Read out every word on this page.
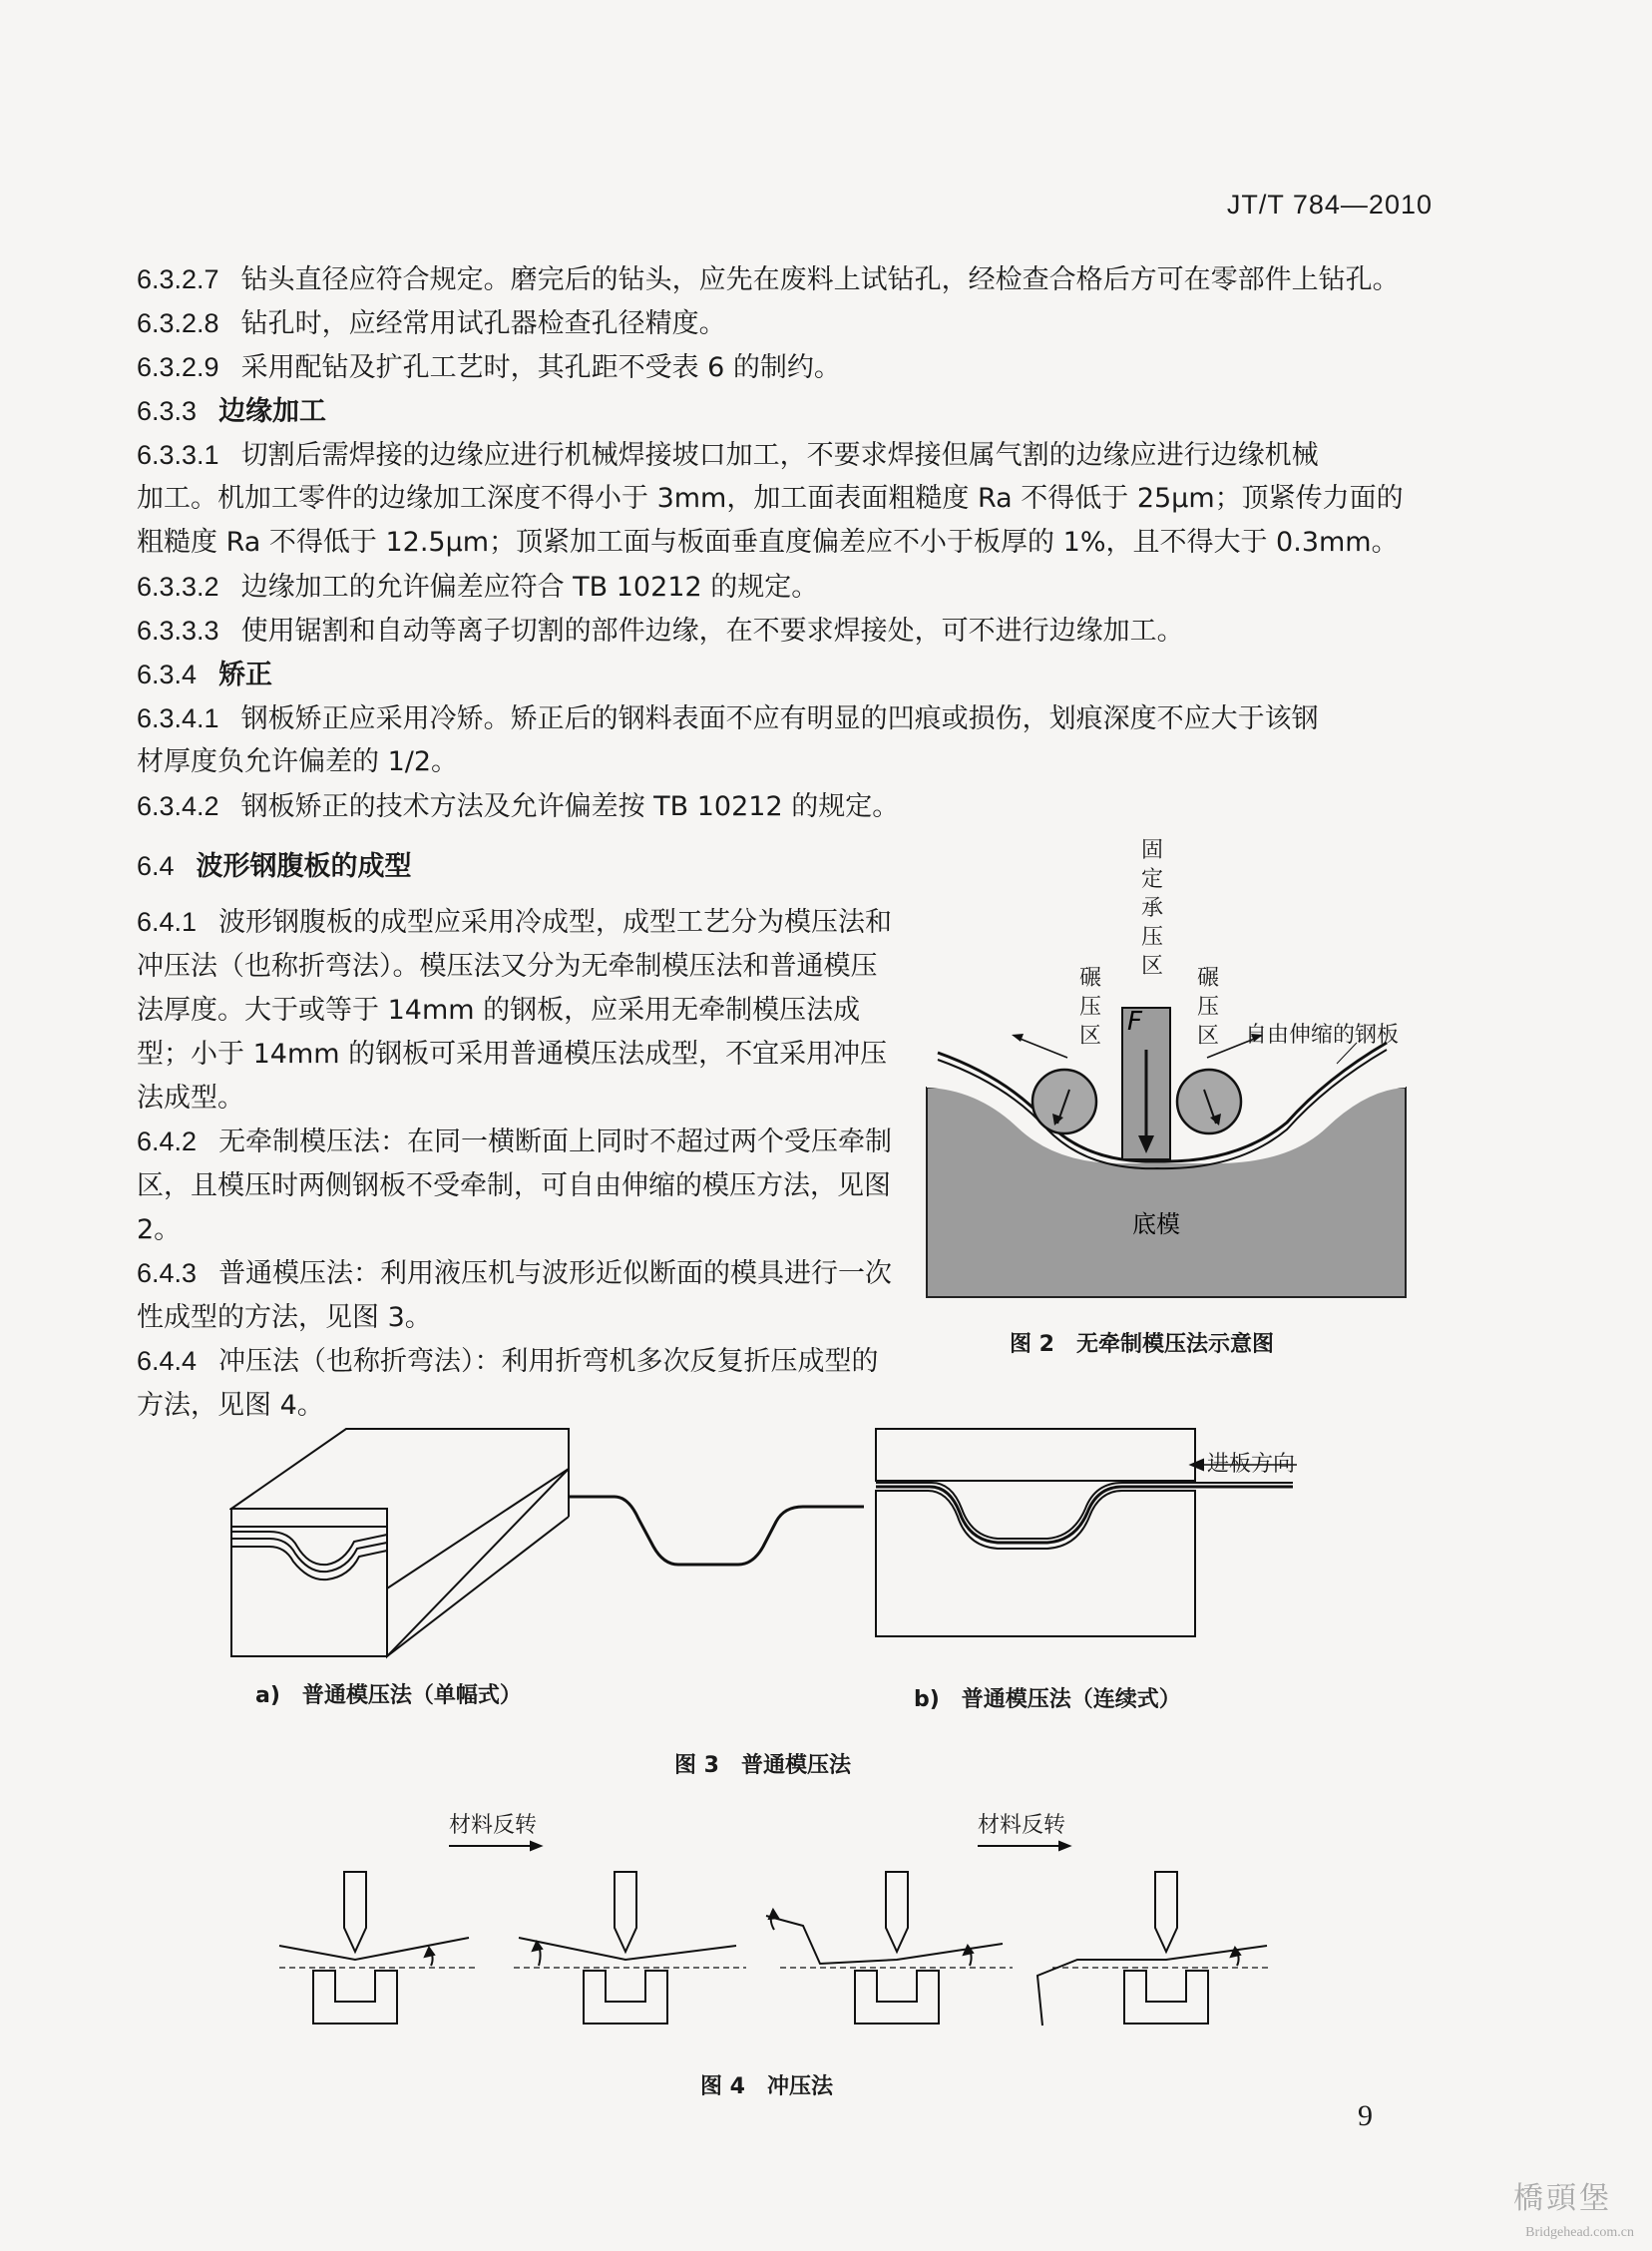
JT/T 784—2010
6.3.2.7 钻头直径应符合规定。磨完后的钻头，应先在废料上试钻孔，经检查合格后方可在零部件上钻孔。
6.3.2.8 钻孔时，应经常用试孔器检查孔径精度。
6.3.2.9 采用配钻及扩孔工艺时，其孔距不受表 6 的制约。
6.3.3 边缘加工
6.3.3.1 切割后需焊接的边缘应进行机械焊接坡口加工，不要求焊接但属气割的边缘应进行边缘机械
加工。机加工零件的边缘加工深度不得小于 3mm，加工面表面粗糙度 Ra 不得低于 25μm；顶紧传力面的
粗糙度 Ra 不得低于 12.5μm；顶紧加工面与板面垂直度偏差应不小于板厚的 1%，且不得大于 0.3mm。
6.3.3.2 边缘加工的允许偏差应符合 TB 10212 的规定。
6.3.3.3 使用锯割和自动等离子切割的部件边缘，在不要求焊接处，可不进行边缘加工。
6.3.4 矫正
6.3.4.1 钢板矫正应采用冷矫。矫正后的钢料表面不应有明显的凹痕或损伤，划痕深度不应大于该钢
材厚度负允许偏差的 1/2。
6.3.4.2 钢板矫正的技术方法及允许偏差按 TB 10212 的规定。
6.4 波形钢腹板的成型
6.4.1 波形钢腹板的成型应采用冷成型，成型工艺分为模压法和冲压法（也称折弯法）。模压法又分为无牵制模压法和普通模压法厚度。大于或等于 14mm 的钢板，应采用无牵制模压法成型；小于 14mm 的钢板可采用普通模压法成型，不宜采用冲压法成型。
6.4.2 无牵制模压法：在同一横断面上同时不超过两个受压牵制区，且模压时两侧钢板不受牵制，可自由伸缩的模压方法，见图 2。
6.4.3 普通模压法：利用液压机与波形近似断面的模具进行一次性成型的方法，见图 3。
6.4.4 冲压法（也称折弯法）：利用折弯机多次反复折压成型的方法，见图 4。
F
底模
固定承压区
碾压区
碾压区 自由伸缩的钢板
图 2　无牵制模压法示意图
进板方向
a)　普通模压法（单幅式）	b)　普通模压法（连续式）
图 3　普通模压法
材料反转	材料反转
图 4　冲压法
9
橋頭堡
Bridgehead.com.cn
